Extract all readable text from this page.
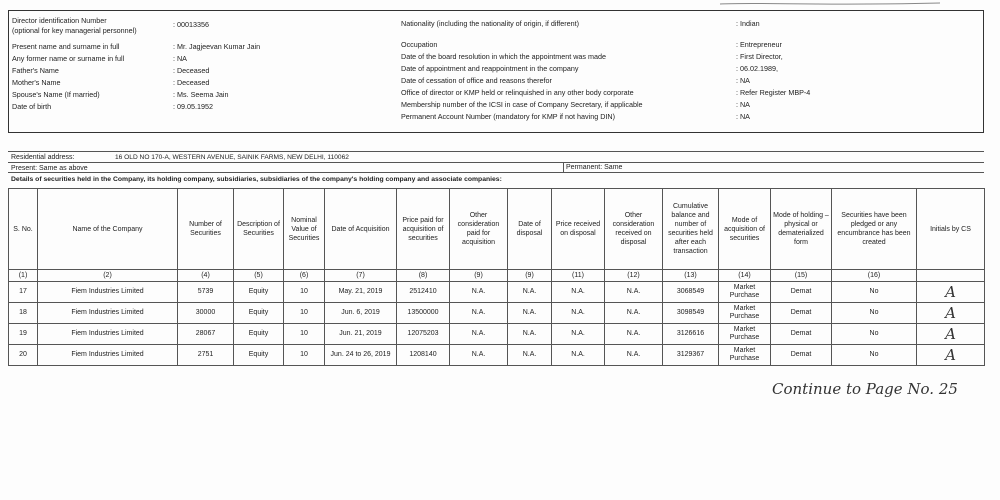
Director identification Number
(optional for key managerial personnel)
: 00013356
Present name and surname in full	: Mr. Jagjeevan Kumar Jain
Any former name or surname in full	: NA
Father's Name	: Deceased
Mother's Name	: Deceased
Spouse's Name (If married)	: Ms. Seema Jain
Date of birth	: 09.05.1952
Nationality (including the nationality of origin, if different)	: Indian
Occupation	: Entrepreneur
Date of the board resolution in which the appointment was made	: First Director,
Date of appointment and reappointment in the company	: 06.02.1989,
Date of cessation of office and reasons therefor	: NA
Office of director or KMP held or relinquished in any other body corporate	: Refer Register MBP-4
Membership number of the ICSI in case of Company Secretary, if applicable	: NA
Permanent Account Number (mandatory for KMP if not having DIN)	: NA
Residential address:	16 OLD NO 170-A, WESTERN AVENUE, SAINIK FARMS, NEW DELHI, 110062
Present: Same as above	Permanent: Same
Details of securities held in the Company, its holding company, subsidiaries, subsidiaries of the company's holding company and associate companies:
S. No.	Name of the Company	Number of Securities	Description of Securities	Nominal Value of Securities	Date of Acquisition	Price paid for acquisition of securities	Other consideration paid for acquisition	Date of disposal	Price received on disposal	Other consideration received on disposal	Cumulative balance and number of securities held after each transaction	Mode of acquisition of securities	Mode of holding – physical or dematerialized form	Securities have been pledged or any encumbrance has been created	Initials by CS
(1)	(2)	(4)	(5)	(6)	(7)	(8)	(9)	(9)	(11)	(12)	(13)	(14)	(15)	(16)	
17	Fiem Industries Limited	5739	Equity	10	May. 21, 2019	2512410	N.A.	N.A.	N.A.	N.A.	3068549	Market Purchase	Demat	No	A
18	Fiem Industries Limited	30000	Equity	10	Jun. 6, 2019	13500000	N.A.	N.A.	N.A.	N.A.	3098549	Market Purchase	Demat	No	A
19	Fiem Industries Limited	28067	Equity	10	Jun. 21, 2019	12075203	N.A.	N.A.	N.A.	N.A.	3126616	Market Purchase	Demat	No	A
20	Fiem Industries Limited	2751	Equity	10	Jun. 24 to 26, 2019	1208140	N.A.	N.A.	N.A.	N.A.	3129367	Market Purchase	Demat	No	A
Continue to Page No. 25
